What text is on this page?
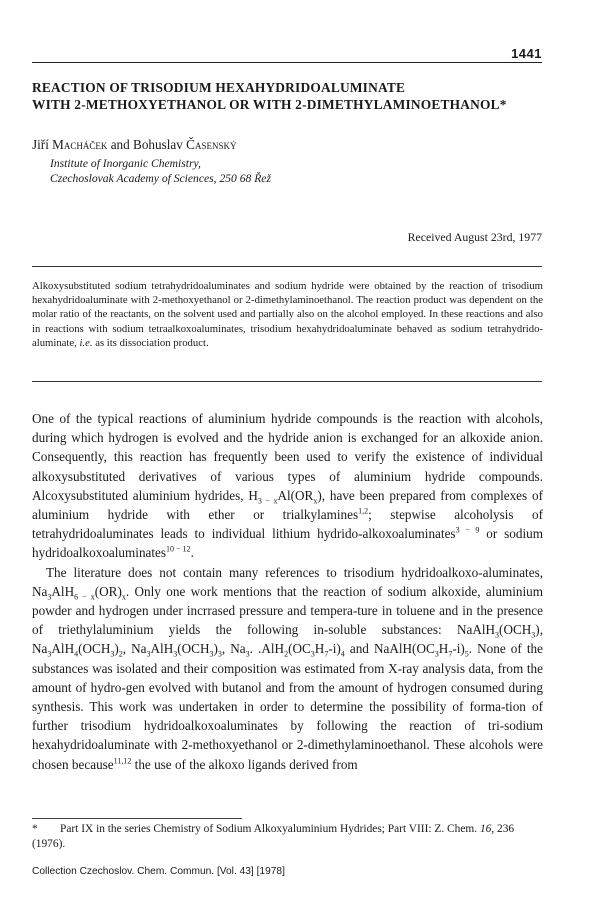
1441
REACTION OF TRISODIUM HEXAHYDRIDOALUMINATE
WITH 2-METHOXYETHANOL OR WITH 2-DIMETHYLAMINOETHANOL*
Jiří Macháček and Bohuslav Časenský
Institute of Inorganic Chemistry,
Czechoslovak Academy of Sciences, 250 68 Řež
Received August 23rd, 1977
Alkoxysubstituted sodium tetrahydridoaluminates and sodium hydride were obtained by the reaction of trisodium hexahydridoaluminate with 2-methoxyethanol or 2-dimethylaminoethanol. The reaction product was dependent on the molar ratio of the reactants, on the solvent used and partially also on the alcohol employed. In these reactions and also in reactions with sodium tetraalkoxoaluminates, trisodium hexahydridoaluminate behaved as sodium tetrahydrido-aluminate, i.e. as its dissociation product.

One of the typical reactions of aluminium hydride compounds is the reaction with alcohols, during which hydrogen is evolved and the hydride anion is exchanged for an alkoxide anion. Consequently, this reaction has frequently been used to verify the existence of individual alkoxysubstituted derivatives of various types of aluminium hydride compounds. Alcoxysubstituted aluminium hydrides, $H_{3 - x}Al(OR_x)$, have been prepared from complexes of aluminium hydride with ether or trialkylamines$^{1,2}$; stepwise alcoholysis of tetrahydridoaluminates leads to individual lithium hydrido-alkoxoaluminates$^{3 - 9}$ or sodium hydridoalkoxoaluminates$^{10 - 12}$.

The literature does not contain many references to trisodium hydridoalkoxo-aluminates, $Na_3AlH_{6 - x}(OR)_x$. Only one work mentions that the reaction of sodium alkoxide, aluminium powder and hydrogen under incrrased pressure and tempera-ture in toluene and in the presence of triethylaluminium yields the following in-soluble substances: $NaAlH_3(OCH_3)$, $Na_3AlH_4(OCH_3)_2$, $Na_3AlH_3(OCH_3)_3$, $Na_3$. $.AlH_2(OC_3H_7-i)_4$ and $NaAlH(OC_3H_7-i)_5$. None of the substances was isolated and their composition was estimated from X-ray analysis data, from the amount of hydro-gen evolved with butanol and from the amount of hydrogen consumed during synthesis. This work was undertaken in order to determine the possibility of forma-tion of further trisodium hydridoalkoxoaluminates by following the reaction of tri-sodium hexahydridoaluminate with 2-methoxyethanol or 2-dimethylaminoethanol. These alcohols were chosen because$^{11,12}$ the use of the alkoxo ligands derived from

* Part IX in the series Chemistry of Sodium Alkoxyaluminium Hydrides; Part VIII: Z. Chem. 16, 236 (1976).
Collection Czechoslov. Chem. Commun. [Vol. 43] [1978]
